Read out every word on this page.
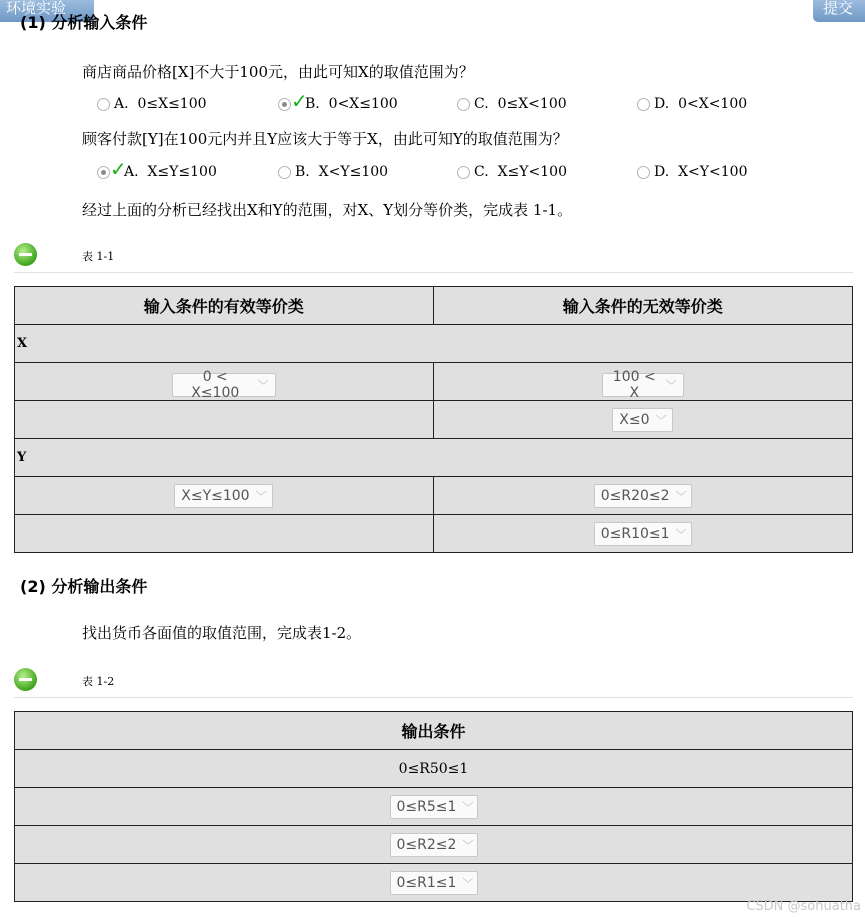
环境实验	提交
(1) 分析输入条件
商店商品价格[X]不大于100元，由此可知X的取值范围为？
A.
0≤X≤100	✓
B.
0<X≤100	C.
0≤X<100	D.
0<X<100
顾客付款[Y]在100元内并且Y应该大于等于X，由此可知Y的取值范围为？
✓
A.
X≤Y≤100	B.
X<Y≤100	C.
X≤Y<100	D.
X<Y<100
经过上面的分析已经找出X和Y的范围，对X、Y划分等价类，完成表 1-1。
表 1-1
输入条件的有效等价类	输入条件的无效等价类
X	

0 < X≤100 ﹀	100 < X ﹀

	X≤0 ﹀

Y	

X≤Y≤100 ﹀	0≤R20≤2 ﹀

	0≤R10≤1 ﹀
(2) 分析输出条件
找出货币各面值的取值范围，完成表1-2。
表 1-2
输出条件
0≤R50≤1

0≤R5≤1 ﹀

0≤R2≤2 ﹀

0≤R1≤1 ﹀
CSDN @sohuatha
